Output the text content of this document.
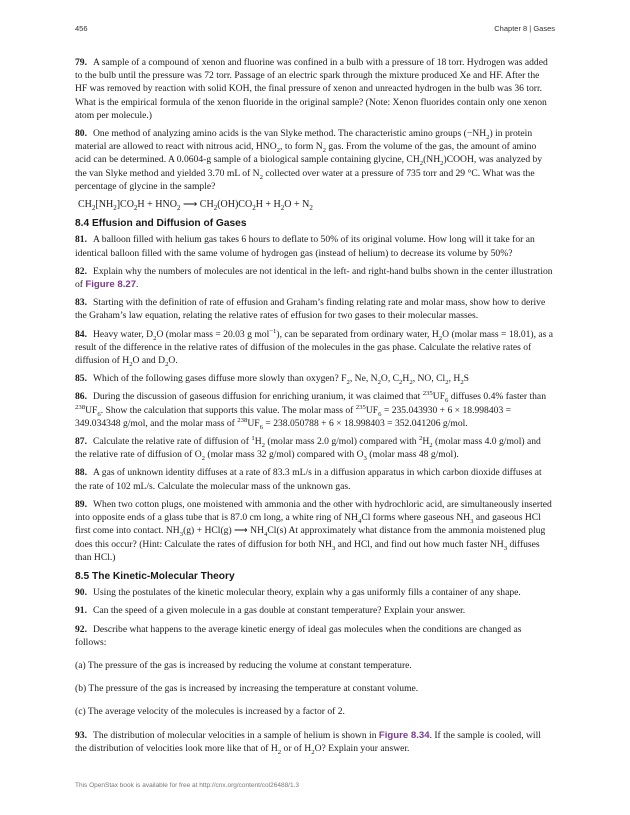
456	Chapter 8 | Gases

79. A sample of a compound of xenon and fluorine was confined in a bulb with a pressure of 18 torr. Hydrogen was added to the bulb until the pressure was 72 torr. Passage of an electric spark through the mixture produced Xe and HF. After the HF was removed by reaction with solid KOH, the final pressure of xenon and unreacted hydrogen in the bulb was 36 torr. What is the empirical formula of the xenon fluoride in the original sample? (Note: Xenon fluorides contain only one xenon atom per molecule.)

80. One method of analyzing amino acids is the van Slyke method. The characteristic amino groups $(-NH_2)$ in protein material are allowed to react with nitrous acid, $HNO_2$, to form $N_2$ gas. From the volume of the gas, the amount of amino acid can be determined. A 0.0604-g sample of a biological sample containing glycine, $CH_2(NH_2)COOH$, was analyzed by the van Slyke method and yielded 3.70 mL of $N_2$ collected over water at a pressure of 735 torr and 29 °C. What was the percentage of glycine in the sample?

$CH_2[NH_2]CO_2H + HNO_2$ ⟶ $CH_2(OH)CO_2H + H_2O + N_2$

8.4 Effusion and Diffusion of Gases

81. A balloon filled with helium gas takes 6 hours to deflate to 50% of its original volume. How long will it take for an identical balloon filled with the same volume of hydrogen gas (instead of helium) to decrease its volume by 50%?

82. Explain why the numbers of molecules are not identical in the left- and right-hand bulbs shown in the center illustration of Figure 8.27.

83. Starting with the definition of rate of effusion and Graham’s finding relating rate and molar mass, show how to derive the Graham’s law equation, relating the relative rates of effusion for two gases to their molecular masses.

84. Heavy water, $D_2O$ (molar mass = 20.03 g mol$^{-1}$), can be separated from ordinary water, $H_2O$ (molar mass = 18.01), as a result of the difference in the relative rates of diffusion of the molecules in the gas phase. Calculate the relative rates of diffusion of $H_2O$ and $D_2O$.

85. Which of the following gases diffuse more slowly than oxygen? $F_2$, Ne, $N_2O$, $C_2H_2$, NO, $Cl_2$, $H_2S$

86. During the discussion of gaseous diffusion for enriching uranium, it was claimed that $^{235}UF_6$ diffuses 0.4% faster than $^{238}UF_6$. Show the calculation that supports this value. The molar mass of $^{235}UF_6 = 235.043930 + 6 \times 18.998403 = 349.034348$ g/mol, and the molar mass of $^{238}UF_6 = 238.050788 + 6 \times 18.998403 = 352.041206$ g/mol.

87. Calculate the relative rate of diffusion of $^1H_2$ (molar mass 2.0 g/mol) compared with $^2H_2$ (molar mass 4.0 g/mol) and the relative rate of diffusion of $O_2$ (molar mass 32 g/mol) compared with $O_3$ (molar mass 48 g/mol).

88. A gas of unknown identity diffuses at a rate of 83.3 mL/s in a diffusion apparatus in which carbon dioxide diffuses at the rate of 102 mL/s. Calculate the molecular mass of the unknown gas.

89. When two cotton plugs, one moistened with ammonia and the other with hydrochloric acid, are simultaneously inserted into opposite ends of a glass tube that is 87.0 cm long, a white ring of $NH_4Cl$ forms where gaseous $NH_3$ and gaseous HCl first come into contact. $NH_3(g) + HCl(g)$ ⟶ $NH_4Cl(s)$ At approximately what distance from the ammonia moistened plug does this occur? (Hint: Calculate the rates of diffusion for both $NH_3$ and HCl, and find out how much faster $NH_3$ diffuses than HCl.)

8.5 The Kinetic-Molecular Theory

90. Using the postulates of the kinetic molecular theory, explain why a gas uniformly fills a container of any shape.

91. Can the speed of a given molecule in a gas double at constant temperature? Explain your answer.

92. Describe what happens to the average kinetic energy of ideal gas molecules when the conditions are changed as follows:

(a) The pressure of the gas is increased by reducing the volume at constant temperature.

(b) The pressure of the gas is increased by increasing the temperature at constant volume.

(c) The average velocity of the molecules is increased by a factor of 2.

93. The distribution of molecular velocities in a sample of helium is shown in Figure 8.34. If the sample is cooled, will the distribution of velocities look more like that of $H_2$ or of $H_2O$? Explain your answer.

This OpenStax book is available for free at http://cnx.org/content/col26488/1.3
